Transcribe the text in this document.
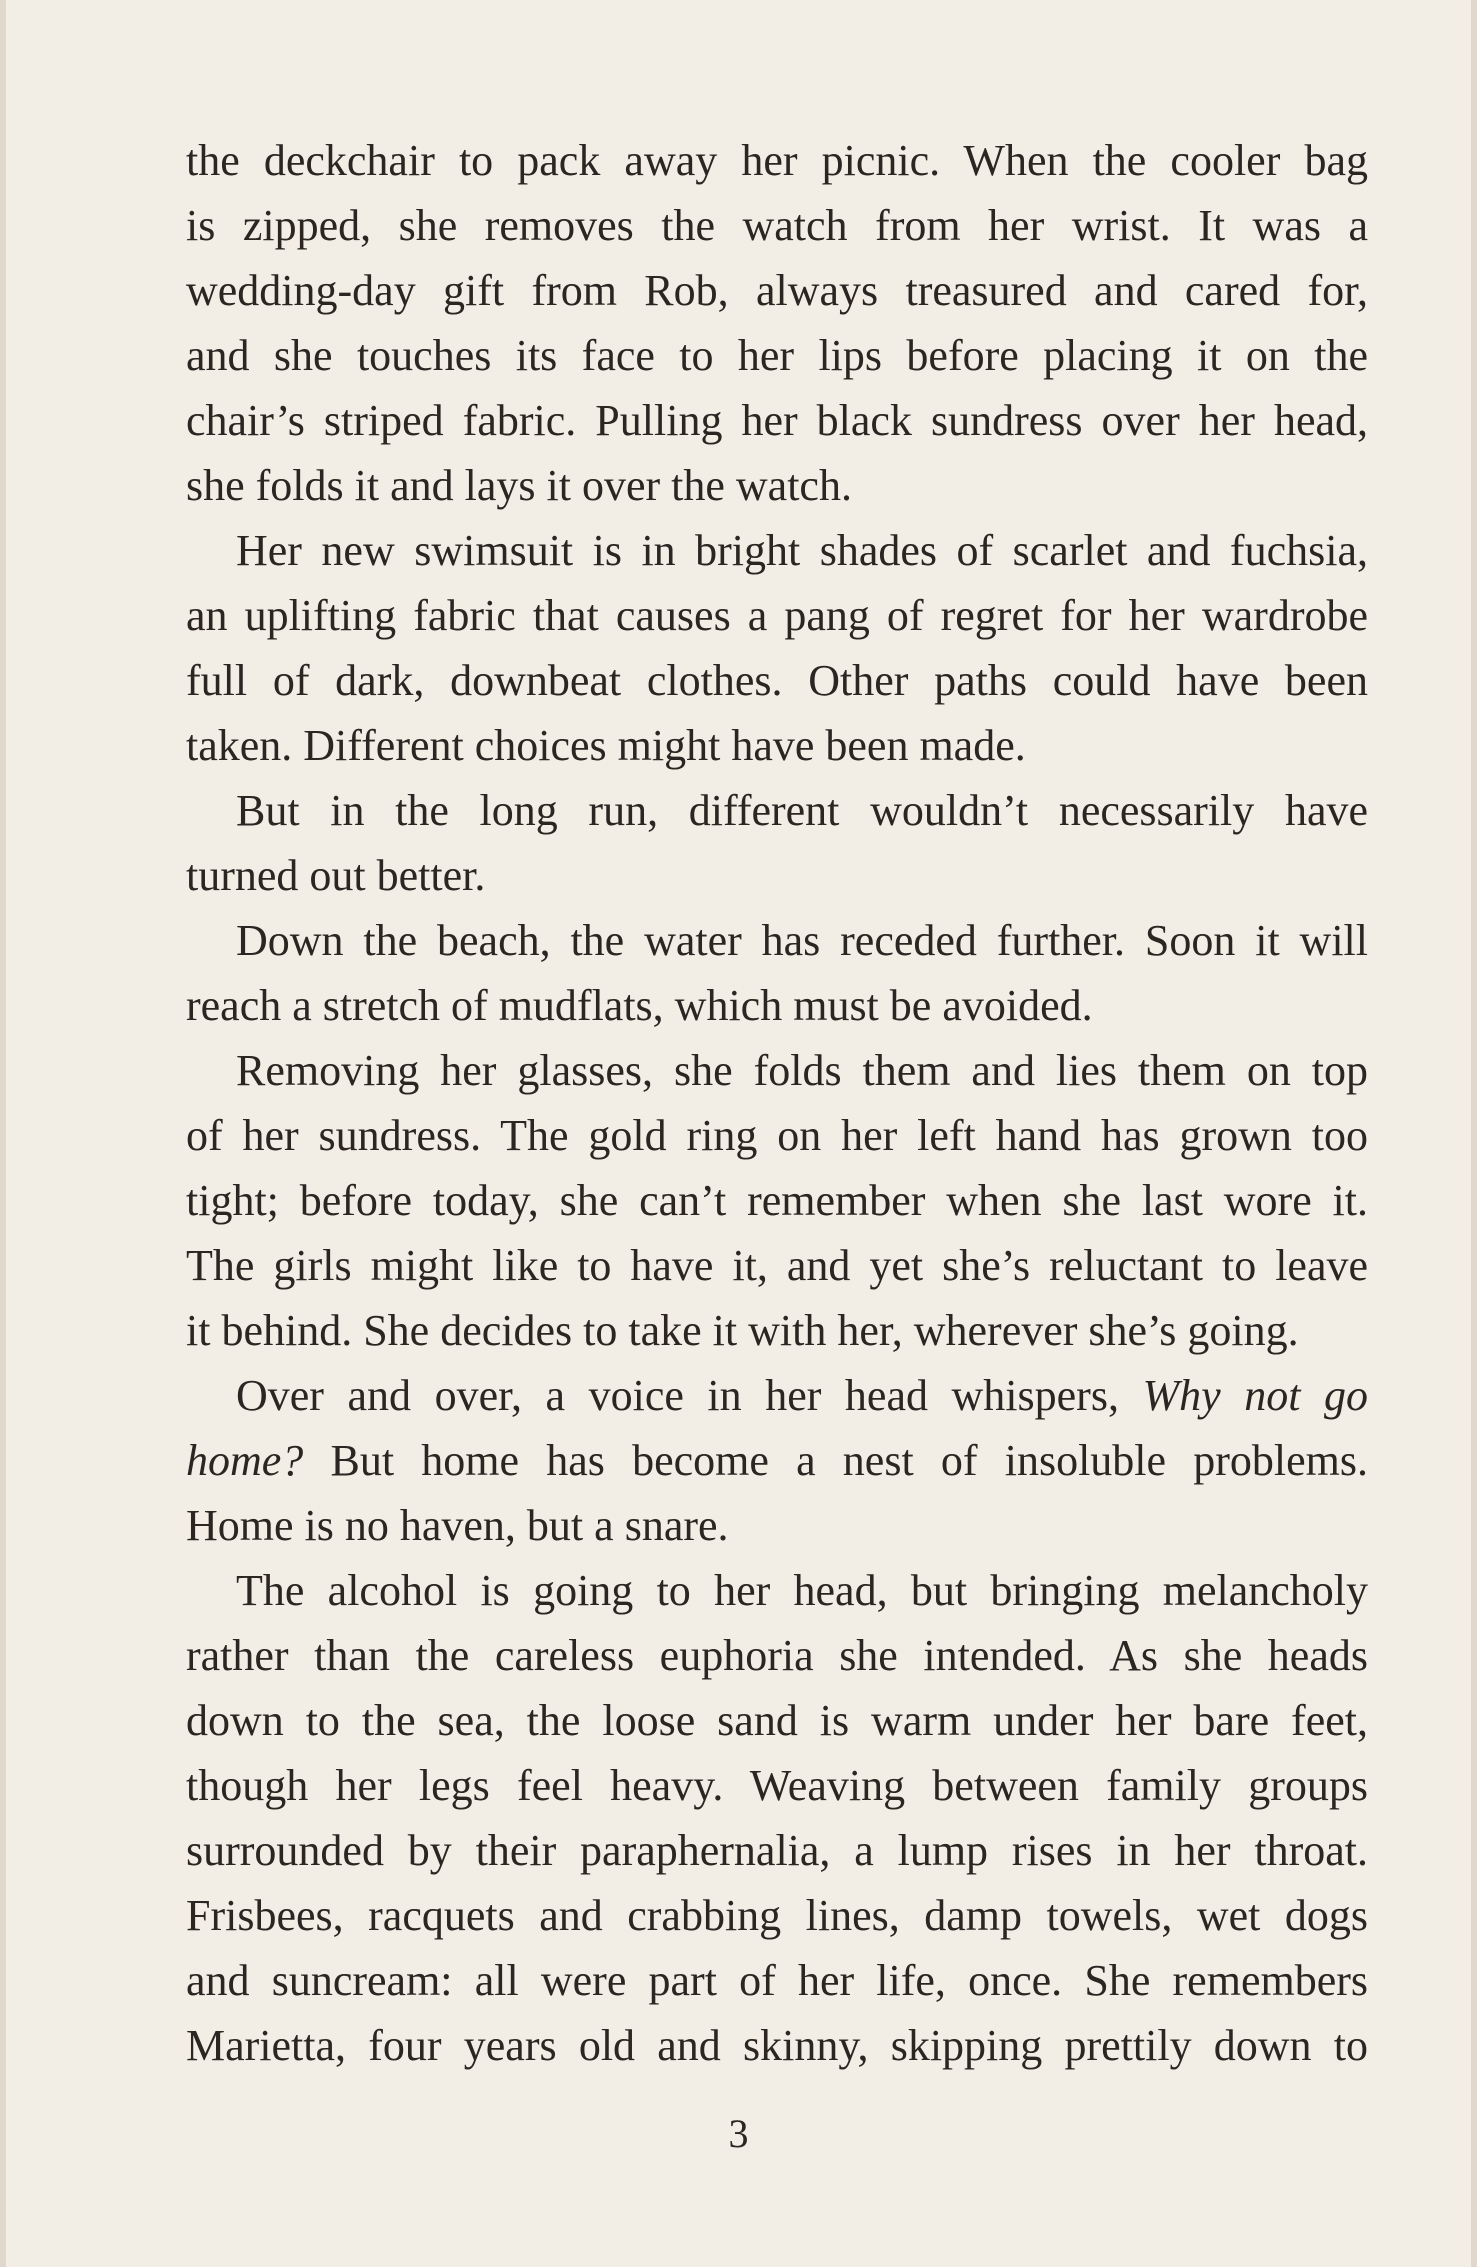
the deckchair to pack away her picnic. When the cooler bag
is zipped, she removes the watch from her wrist. It was a
wedding-day gift from Rob, always treasured and cared for,
and she touches its face to her lips before placing it on the
chair’s striped fabric. Pulling her black sundress over her head,
she folds it and lays it over the watch.
Her new swimsuit is in bright shades of scarlet and fuchsia,
an uplifting fabric that causes a pang of regret for her wardrobe
full of dark, downbeat clothes. Other paths could have been
taken. Different choices might have been made.
But in the long run, different wouldn’t necessarily have
turned out better.
Down the beach, the water has receded further. Soon it will
reach a stretch of mudflats, which must be avoided.
Removing her glasses, she folds them and lies them on top
of her sundress. The gold ring on her left hand has grown too
tight; before today, she can’t remember when she last wore it.
The girls might like to have it, and yet she’s reluctant to leave
it behind. She decides to take it with her, wherever she’s going.
Over and over, a voice in her head whispers, Why not go
home? But home has become a nest of insoluble problems.
Home is no haven, but a snare.
The alcohol is going to her head, but bringing melancholy
rather than the careless euphoria she intended. As she heads
down to the sea, the loose sand is warm under her bare feet,
though her legs feel heavy. Weaving between family groups
surrounded by their paraphernalia, a lump rises in her throat.
Frisbees, racquets and crabbing lines, damp towels, wet dogs
and suncream: all were part of her life, once. She remembers
Marietta, four years old and skinny, skipping prettily down to
3
